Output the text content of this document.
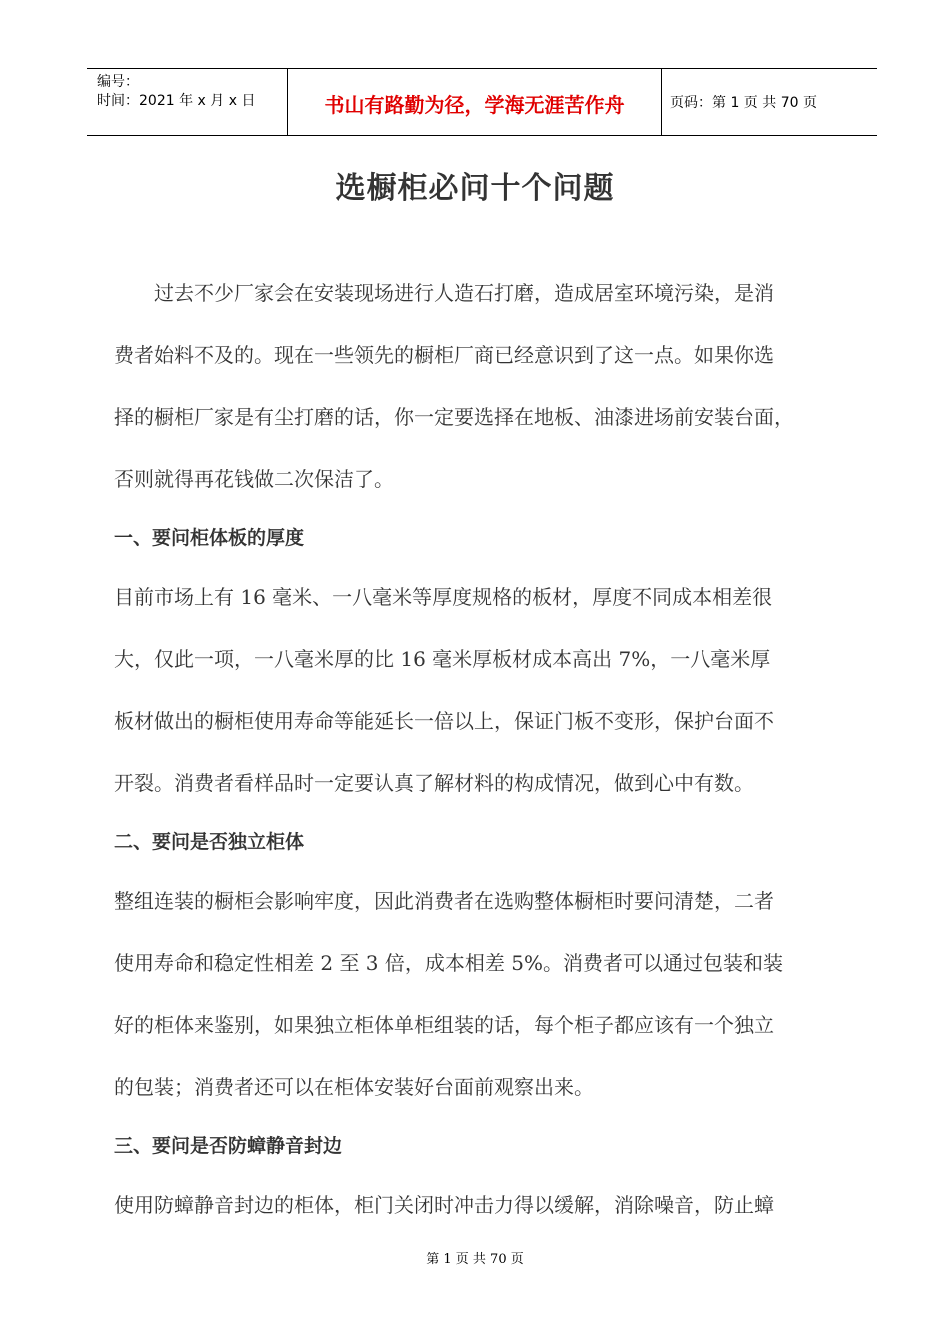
编号：
时间：2021 年 x 月 x 日	书山有路勤为径，学海无涯苦作舟	页码：第 1 页 共 70 页
选橱柜必问十个问题
过去不少厂家会在安装现场进行人造石打磨，造成居室环境污染，是消
费者始料不及的。现在一些领先的橱柜厂商已经意识到了这一点。如果你选
择的橱柜厂家是有尘打磨的话，你一定要选择在地板、油漆进场前安装台面，
否则就得再花钱做二次保洁了。
一、要问柜体板的厚度
目前市场上有 16 毫米、一八毫米等厚度规格的板材，厚度不同成本相差很
大，仅此一项，一八毫米厚的比 16 毫米厚板材成本高出 7%，一八毫米厚
板材做出的橱柜使用寿命等能延长一倍以上，保证门板不变形，保护台面不
开裂。消费者看样品时一定要认真了解材料的构成情况，做到心中有数。
二、要问是否独立柜体
整组连装的橱柜会影响牢度，因此消费者在选购整体橱柜时要问清楚，二者
使用寿命和稳定性相差 2 至 3 倍，成本相差 5%。消费者可以通过包装和装
好的柜体来鉴别，如果独立柜体单柜组装的话，每个柜子都应该有一个独立
的包装；消费者还可以在柜体安装好台面前观察出来。
三、要问是否防蟑静音封边
使用防蟑静音封边的柜体，柜门关闭时冲击力得以缓解，消除噪音，防止蟑
第 1 页 共 70 页
